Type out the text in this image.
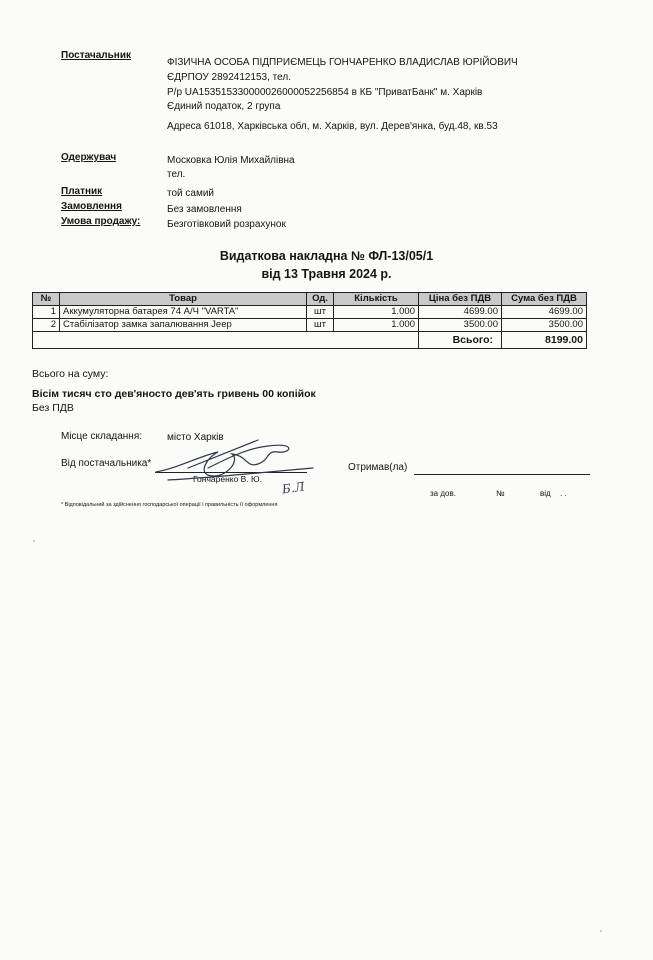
Постачальник
ФІЗИЧНА ОСОБА ПІДПРИЄМЕЦЬ ГОНЧАРЕНКО ВЛАДИСЛАВ ЮРІЙОВИЧ
ЄДРПОУ 2892412153, тел.
Р/р UA153515330000026000052256854 в КБ "ПриватБанк" м. Харків
Єдиний податок, 2 група
Адреса 61018, Харківська обл, м. Харків, вул. Дерев'янка, буд.48, кв.53
Одержувач	Московка Юлія Михайлівна
тел.
Платник	той самий
Замовлення	Без замовлення
Умова продажу:	Безготівковий розрахунок
Видаткова накладна № ФЛ-13/05/1
від 13 Травня 2024 р.
№	Товар	Од.	Кількість	Ціна без ПДВ	Сума без ПДВ
1	Аккумуляторна батарея 74 А/Ч "VARTA"	шт	1.000	4699.00	4699.00
2	Стабілізатор замка запалювання Jeep	шт	1.000	3500.00	3500.00
				Всього:	8199.00
Всього на суму:
Вісім тисяч сто дев'яносто дев'ять гривень 00 копійок
Без ПДВ
Місце складання: місто Харків
Від постачальника*
Гончаренко В. Ю.
Б.Л
Отримав(ла)
за дов.	№	від . .
* Відповідальний за здійснення господарської операції і правильність її оформлення
